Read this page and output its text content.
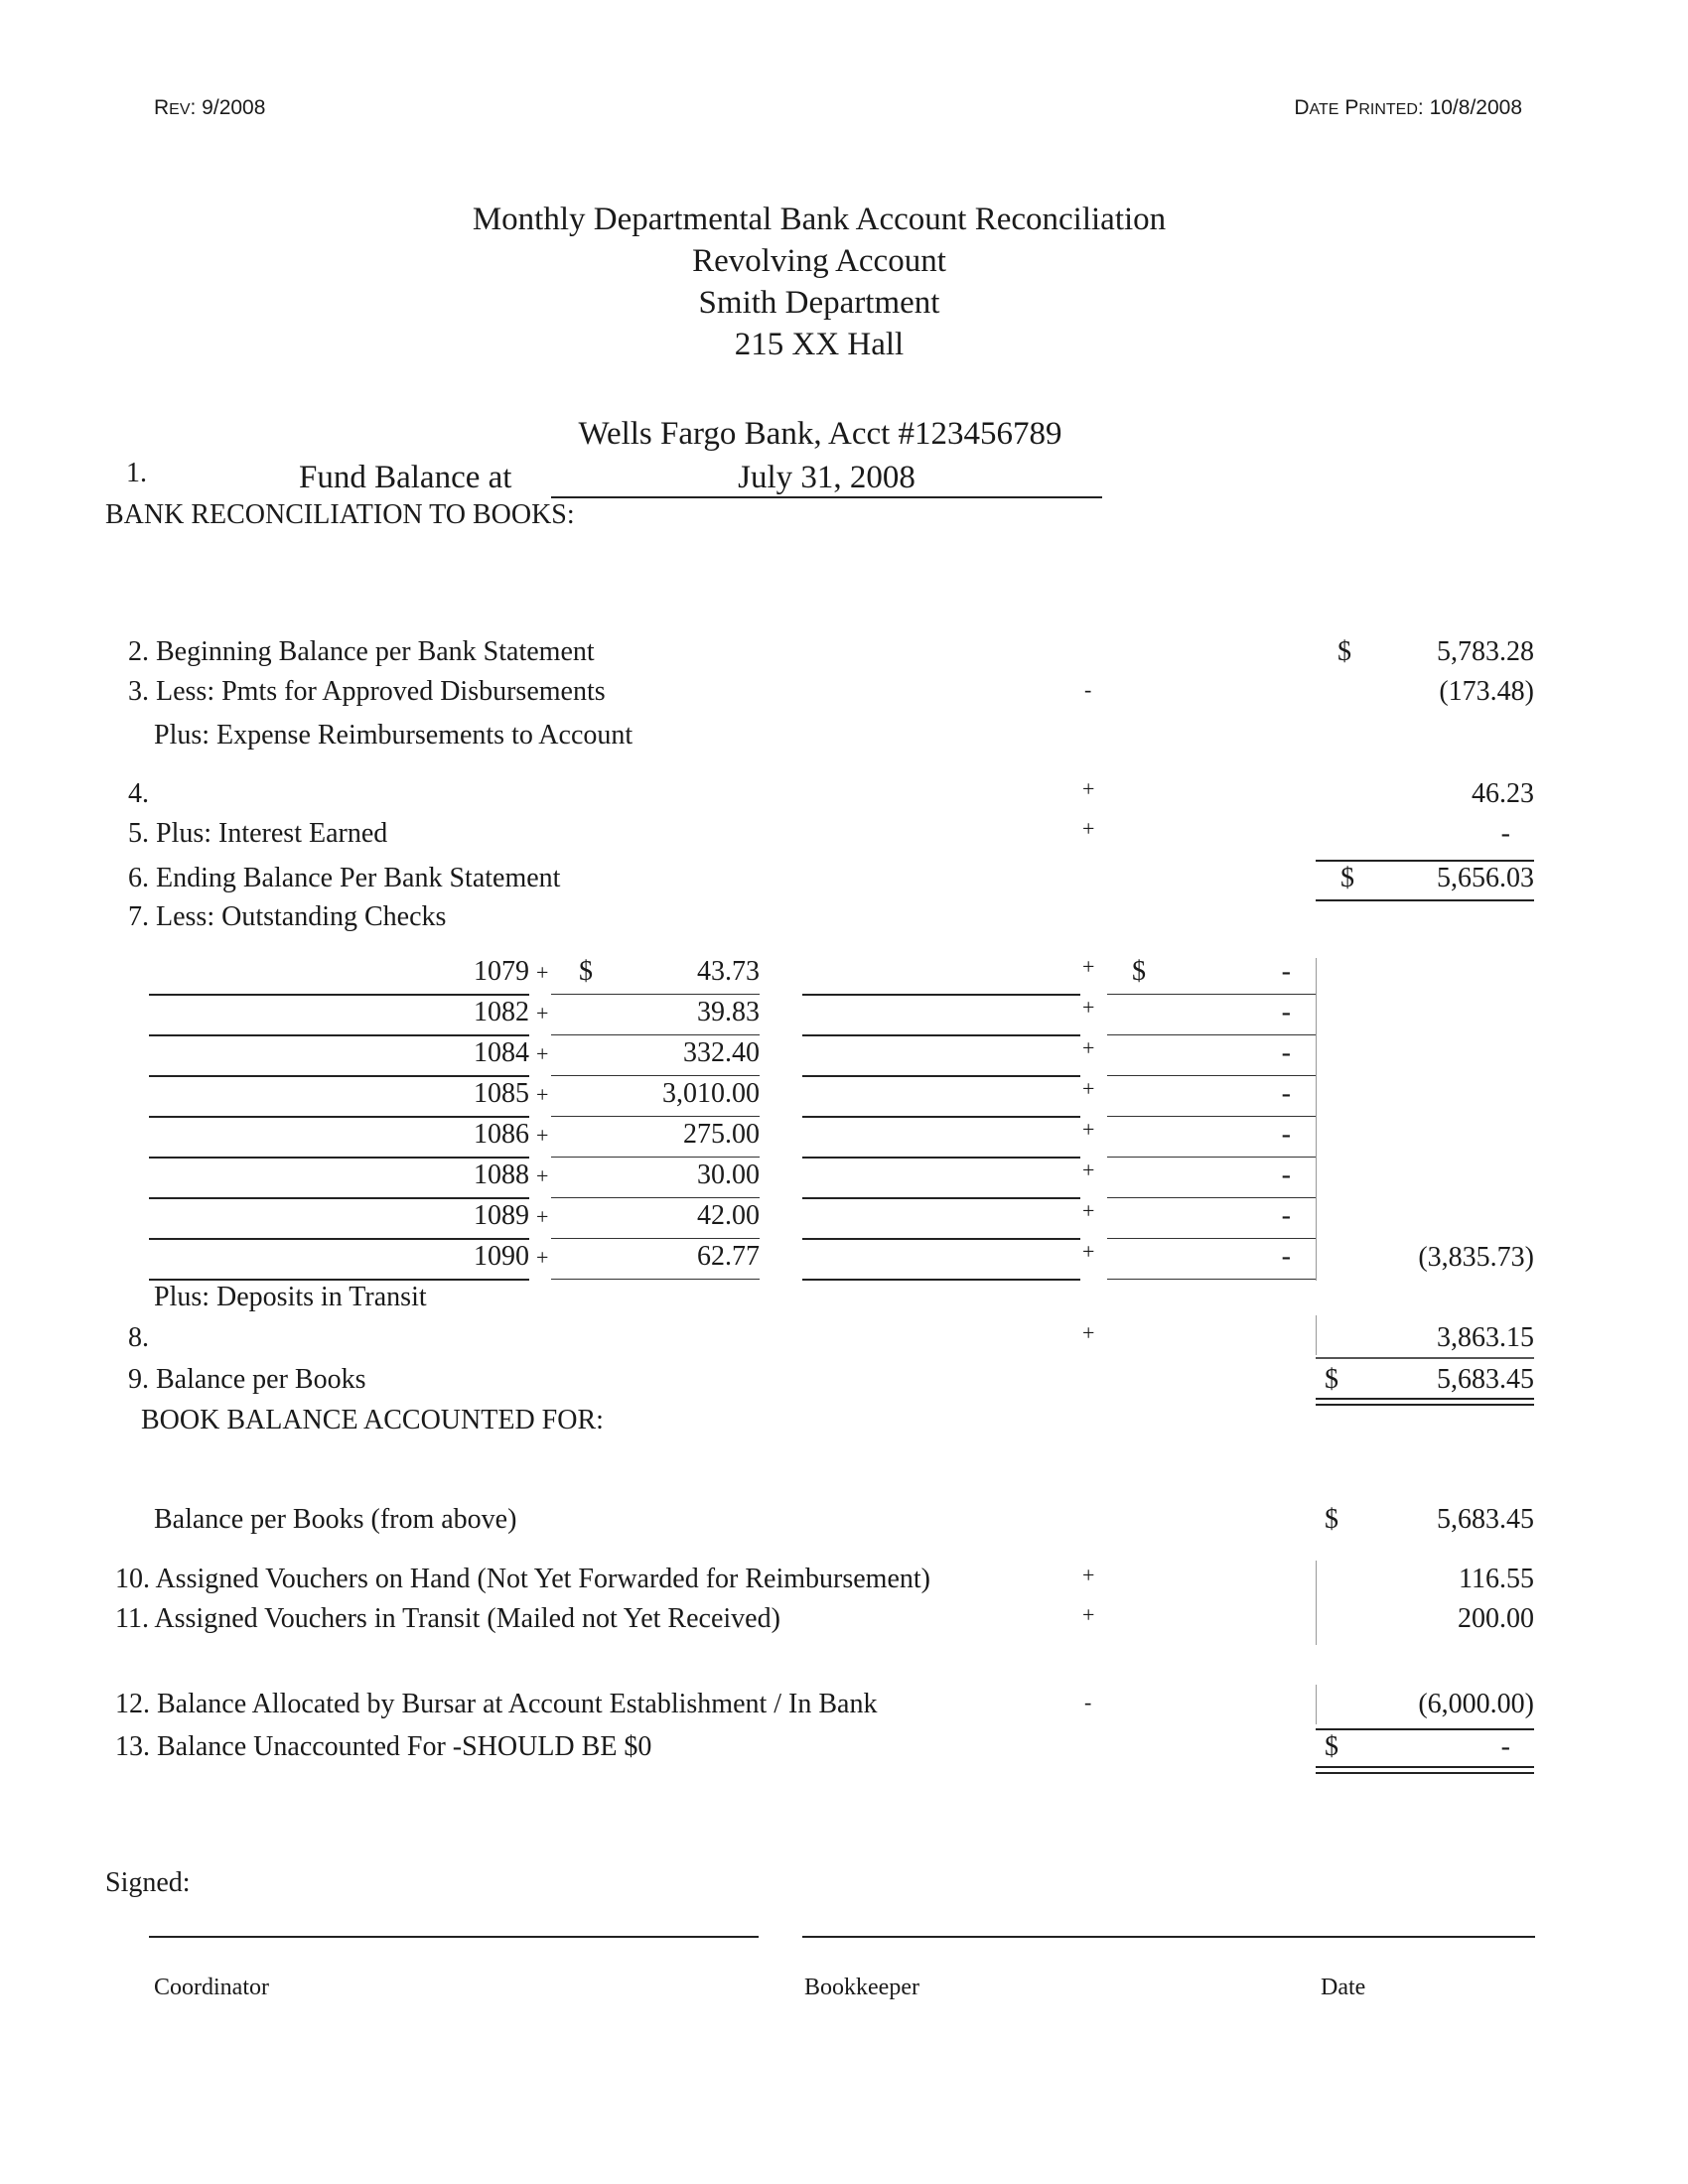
REV: 9/2008	DATE PRINTED: 10/8/2008
Monthly Departmental Bank Account Reconciliation
Revolving Account
Smith Department
215 XX Hall
Wells Fargo Bank, Acct #123456789
1.	Fund Balance at	July 31, 2008
BANK RECONCILIATION TO BOOKS:
2. Beginning Balance per Bank Statement	$	5,783.28
3. Less: Pmts for Approved Disbursements	-	(173.48)
Plus: Expense Reimbursements to Account
4.	+	46.23
5. Plus: Interest Earned	+	-
6. Ending Balance Per Bank Statement	$	5,656.03
7. Less: Outstanding Checks
1079 + $	43.73	+ $	-
1082 +	39.83	+	-
1084 +	332.40	+	-
1085 +	3,010.00	+	-
1086 +	275.00	+	-
1088 +	30.00	+	-
1089 +	42.00	+	-
1090 +	62.77	+	-	(3,835.73)
Plus: Deposits in Transit
8.	+	3,863.15
9. Balance per Books	$	5,683.45
BOOK BALANCE ACCOUNTED FOR:
Balance per Books (from above)	$	5,683.45
10. Assigned Vouchers on Hand (Not Yet Forwarded for Reimbursement)	+	116.55
11. Assigned Vouchers in Transit (Mailed not Yet Received)	+	200.00
12. Balance Allocated by Bursar at Account Establishment / In Bank	-	(6,000.00)
13. Balance Unaccounted For -SHOULD BE $0	$	-
Signed:
Coordinator	Bookkeeper	Date
